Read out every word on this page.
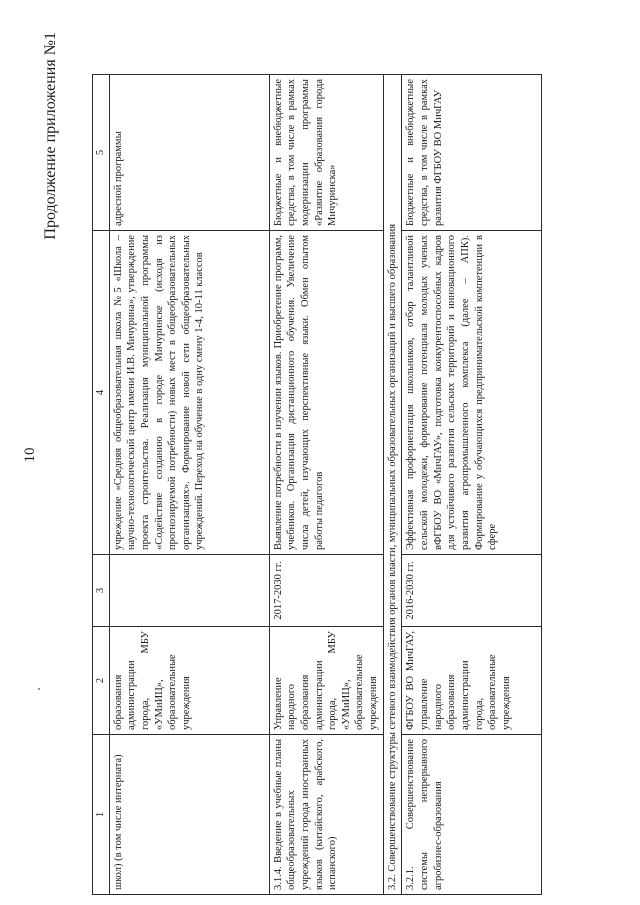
10
Продолжение приложения №1
1	2	3	4	5
школ) (в том числе интерната)	образования администрации города, МБУ «УМиИЦ», образовательные учреждения		учреждение «Средняя общеобразовательная школа №5 «Школа – научно-технологический центр имени И.В. Мичурина», утверждение проекта строительства. Реализация муниципальной программы «Содействие созданию в городе Мичуринске (исходя из прогнозируемой потребности) новых мест в общеобразовательных организациях». Формирование новой сети общеобразовательных учреждений. Переход на обучение в одну смену 1-4, 10-11 классов	адресной программы
3.1.4. Введение в учебные планы общеобразовательных учреждений города иностранных языков (китайского, арабского, испанского)	Управление народного образования администрации города, МБУ «УМиИЦ», образовательные учреждения	2017-2030 гг.	Выявление потребности в изучении языков. Приобретение программ, учебников. Организация дистанционного обучения. Увеличение числа детей, изучающих перспективные языки. Обмен опытом работы педагогов	Бюджетные и внебюджетные средства, в том числе в рамках модернизации программы «Развитие образования города Мичуринска»
3.2. Совершенствование структуры сетевого взаимодействия органов власти, муниципальных образовательных организаций и высшего образования				
3.2.1. Совершенствование системы непрерывного агробизнес-образования	ФГБОУ ВО МичГАУ, управление народного образования администрации города, образовательные учреждения	2016-2030 гг.	Эффективная профориентация школьников, отбор талантливой сельской молодежи, формирование потенциала молодых ученых вФГБОУ ВО «МичГАУ», подготовка конкурентоспособных кадров для устойчивого развития сельских территорий и инновационного развития агропромышленного комплекса (далее – АПК). Формирование у обучающихся предпринимательской компетенции в сфере	Бюджетные и внебюджетные средства, в том числе в рамках развития ФГБОУ ВО МичГАУ
